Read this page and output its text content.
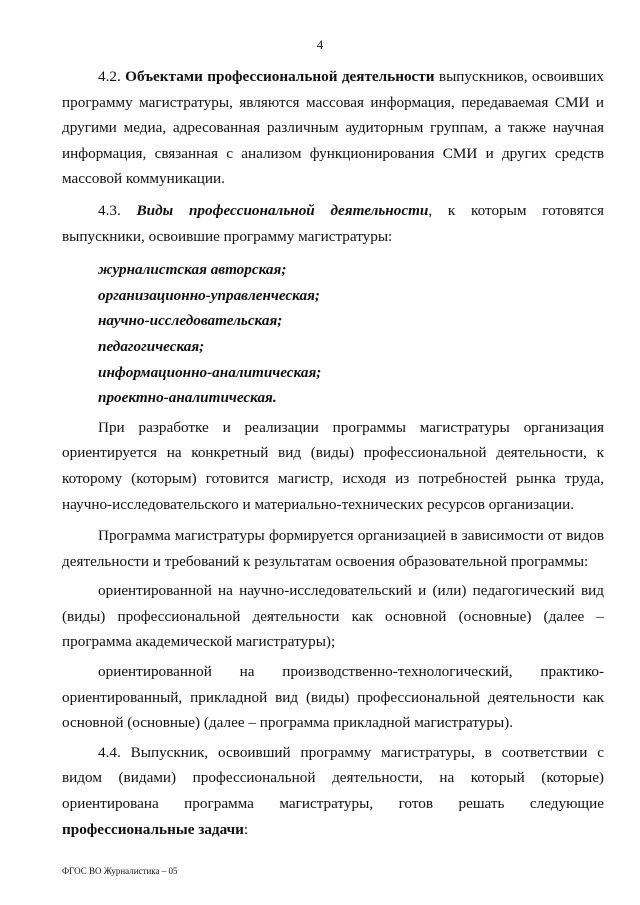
4

4.2. Объектами профессиональной деятельности выпускников, освоивших программу магистратуры, являются массовая информация, передаваемая СМИ и другими медиа, адресованная различным аудиторным группам, а также научная информация, связанная с анализом функционирования СМИ и других средств массовой коммуникации.

4.3. Виды профессиональной деятельности, к которым готовятся выпускники, освоившие программу магистратуры:

журналистская авторская;
организационно-управленческая;
научно-исследовательская;
педагогическая;
информационно-аналитическая;
проектно-аналитическая.

При разработке и реализации программы магистратуры организация ориентируется на конкретный вид (виды) профессиональной деятельности, к которому (которым) готовится магистр, исходя из потребностей рынка труда, научно-исследовательского и материально-технических ресурсов организации.

Программа магистратуры формируется организацией в зависимости от видов деятельности и требований к результатам освоения образовательной программы:

ориентированной на научно-исследовательский и (или) педагогический вид (виды) профессиональной деятельности как основной (основные) (далее – программа академической магистратуры);

ориентированной на производственно-технологический, практико-ориентированный, прикладной вид (виды) профессиональной деятельности как основной (основные) (далее – программа прикладной магистратуры).

4.4. Выпускник, освоивший программу магистратуры, в соответствии с видом (видами) профессиональной деятельности, на который (которые) ориентирована программа магистратуры, готов решать следующие профессиональные задачи:

ФГОС ВО Журналистика – 05
